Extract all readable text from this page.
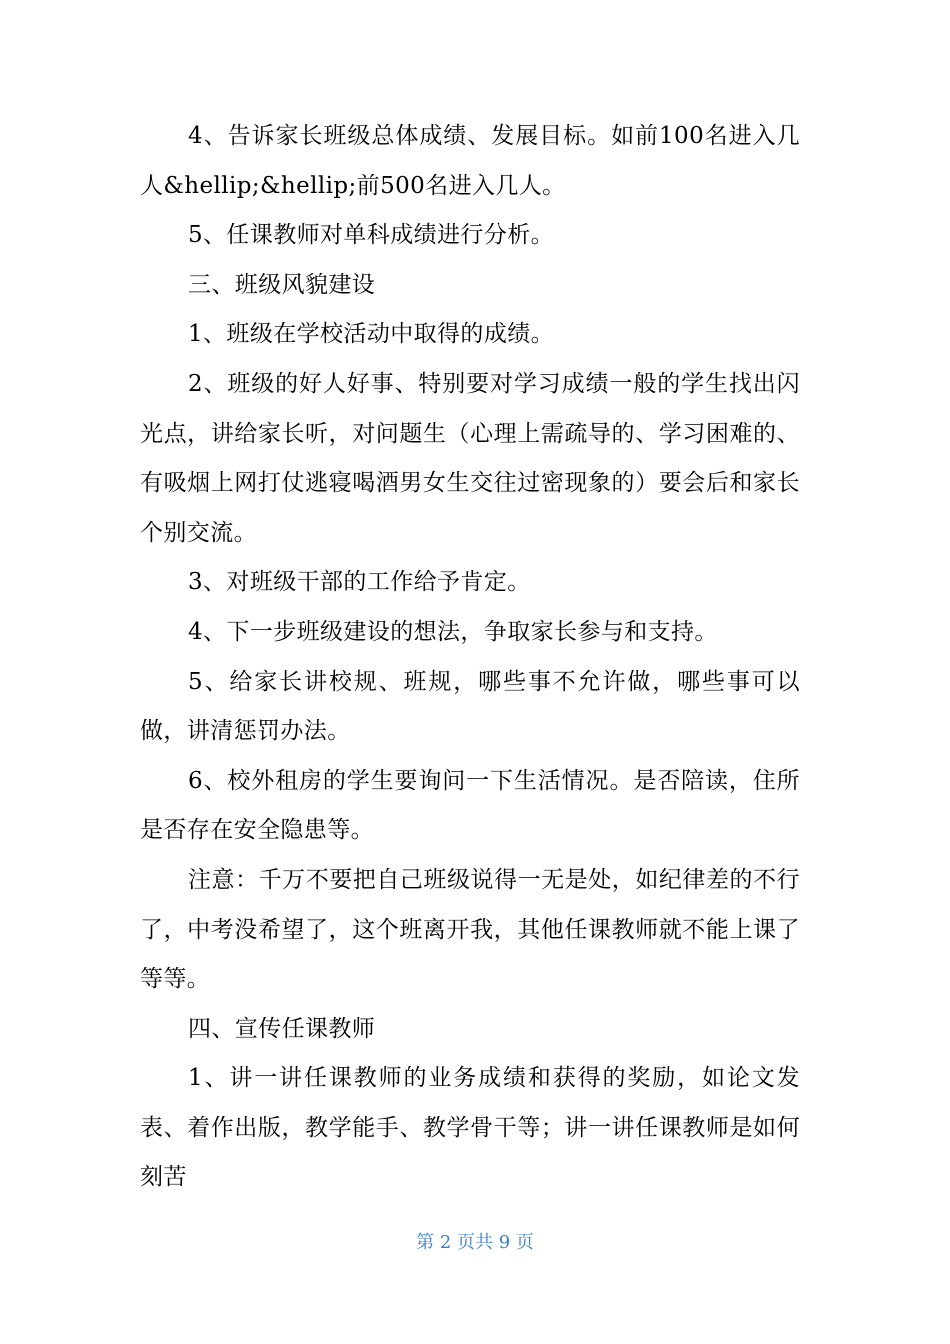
4、告诉家长班级总体成绩、发展目标。如前100名进入几人&hellip;&hellip;前500名进入几人。

5、任课教师对单科成绩进行分析。

三、班级风貌建设

1、班级在学校活动中取得的成绩。

2、班级的好人好事、特别要对学习成绩一般的学生找出闪光点，讲给家长听，对问题生（心理上需疏导的、学习困难的、有吸烟上网打仗逃寝喝酒男女生交往过密现象的）要会后和家长个别交流。

3、对班级干部的工作给予肯定。

4、下一步班级建设的想法，争取家长参与和支持。

5、给家长讲校规、班规，哪些事不允许做，哪些事可以做，讲清惩罚办法。

6、校外租房的学生要询问一下生活情况。是否陪读，住所是否存在安全隐患等。

注意：千万不要把自己班级说得一无是处，如纪律差的不行了，中考没希望了，这个班离开我，其他任课教师就不能上课了等等。

四、宣传任课教师

1、讲一讲任课教师的业务成绩和获得的奖励，如论文发表、着作出版，教学能手、教学骨干等；讲一讲任课教师是如何刻苦

第 2 页共 9 页
